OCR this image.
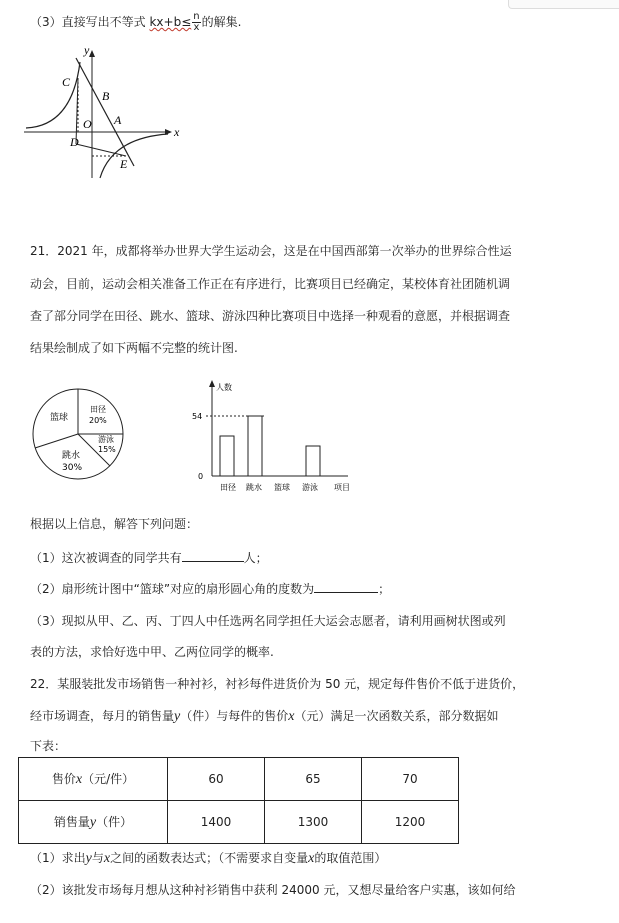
（3）直接写出不等式 $kx+b\le \frac{n}{x}$ 的解集.
y
x
C
B
O A
D
E
21．2021 年，成都将举办世界大学生运动会，这是在中国西部第一次举办的世界综合性运
动会，目前，运动会相关准备工作正在有序进行，比赛项目已经确定，某校体育社团随机调
查了部分同学在田径、跳水、篮球、游泳四种比赛项目中选择一种观看的意愿，并根据调查
结果绘制成了如下两幅不完整的统计图.
篮球
田径
20%
游泳
15%
跳水
30%
人数
54
0
田径 跳水 篮球 游泳 项目
根据以上信息，解答下列问题：
（1）这次被调查的同学共有	人；
（2）扇形统计图中“篮球”对应的扇形圆心角的度数为	；
（3）现拟从甲、乙、丙、丁四人中任选两名同学担任大运会志愿者，请利用画树状图或列
表的方法，求恰好选中甲、乙两位同学的概率.
22．某服装批发市场销售一种衬衫，衬衫每件进货价为 50 元，规定每件售价不低于进货价，
经市场调查，每月的销售量y（件）与每件的售价x（元）满足一次函数关系，部分数据如
下表：
售价x（元/件）	60	65	70
销售量y（件）	1400	1300	1200
（1）求出y与x之间的函数表达式；（不需要求自变量x的取值范围）
（2）该批发市场每月想从这种衬衫销售中获利 24000 元，又想尽量给客户实惠，该如何给
